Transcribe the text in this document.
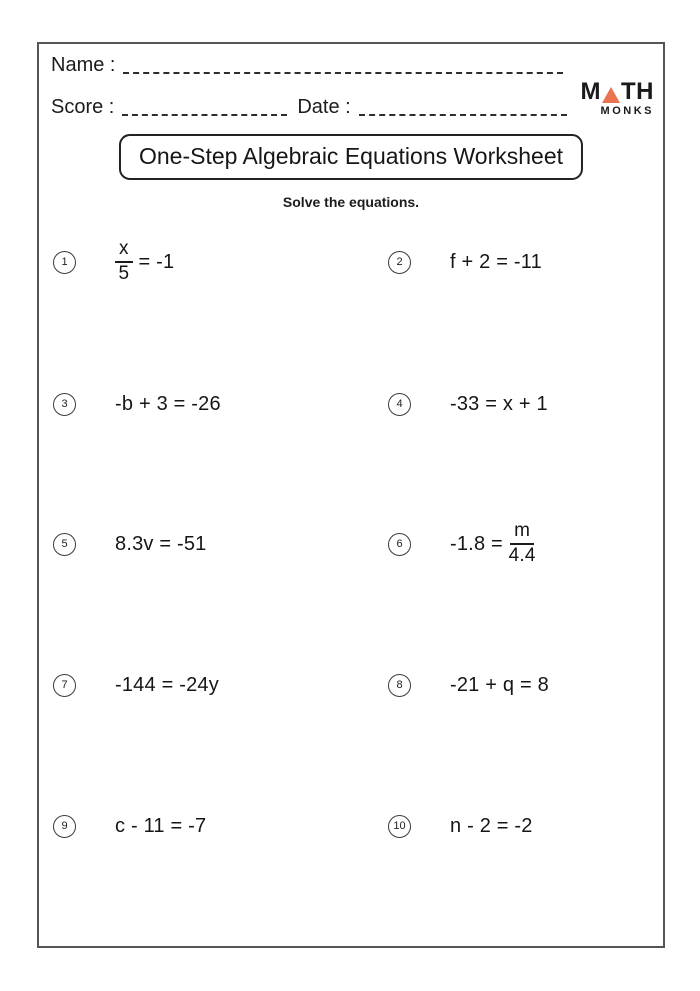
Name :
Score :	Date :
M TH
MONKS
One-Step Algebraic Equations Worksheet
Solve the equations.
1	$\frac{x}{5} = -1$	2	f + 2 = -11
3	-b + 3 = -26	4	-33 = x + 1
5	8.3v = -51	6	$-1.8 = \frac{m}{4.4}$
7	-144 = -24y	8	-21 + q = 8
9	c - 11 = -7	10 n - 2 = -2
